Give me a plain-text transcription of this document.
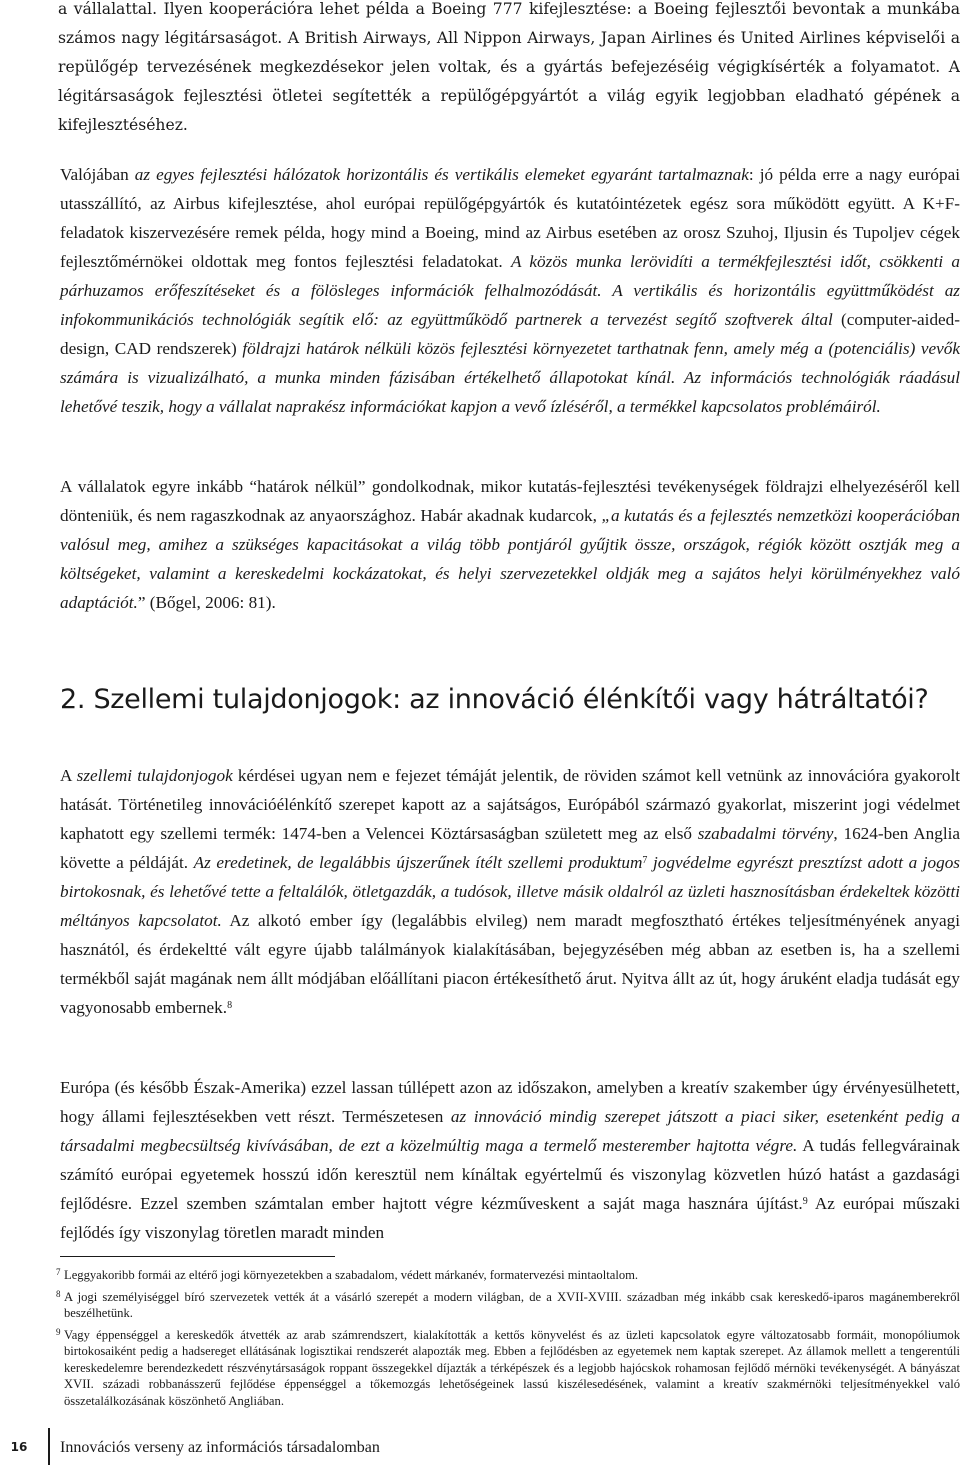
a vállalattal. Ilyen kooperációra lehet példa a Boeing 777 kifejlesztése: a Boeing fejlesztői bevontak a munkába számos nagy légitársaságot. A British Airways, All Nippon Airways, Japan Airlines és United Airlines képviselői a repülőgép tervezésének megkezdésekor jelen voltak, és a gyártás befejezéséig végigkísérték a folyamatot. A légitársaságok fejlesztési ötletei segítették a repülőgépgyártót a világ egyik legjobban eladható gépének a kifejlesztéséhez.

Valójában az egyes fejlesztési hálózatok horizontális és vertikális elemeket egyaránt tartalmaznak: jó példa erre a nagy európai utasszállító, az Airbus kifejlesztése, ahol európai repülőgépgyártók és kutatóintézetek egész sora működött együtt. A K+F-feladatok kiszervezésére remek példa, hogy mind a Boeing, mind az Airbus esetében az orosz Szuhoj, Iljusin és Tupoljev cégek fejlesztőmérnökei oldottak meg fontos fejlesztési feladatokat. A közös munka lerövidíti a termékfejlesztési időt, csökkenti a párhuzamos erőfeszítéseket és a fölösleges információk felhalmozódását. A vertikális és horizontális együttműködést az infokommunikációs technológiák segítik elő: az együttműködő partnerek a tervezést segítő szoftverek által (computer-aided-design, CAD rendszerek) földrajzi határok nélküli közös fejlesztési környezetet tarthatnak fenn, amely még a (potenciális) vevők számára is vizualizálható, a munka minden fázisában értékelhető állapotokat kínál. Az információs technológiák ráadásul lehetővé teszik, hogy a vállalat naprakész információkat kapjon a vevő ízléséről, a termékkel kapcsolatos problémáiról.

A vállalatok egyre inkább “határok nélkül” gondolkodnak, mikor kutatás-fejlesztési tevékenységek földrajzi elhelyezéséről kell dönteniük, és nem ragaszkodnak az anyaországhoz. Habár akadnak kudarcok, „a kutatás és a fejlesztés nemzetközi kooperációban valósul meg, amihez a szükséges kapacitásokat a világ több pontjáról gyűjtik össze, országok, régiók között osztják meg a költségeket, valamint a kereskedelmi kockázatokat, és helyi szervezetekkel oldják meg a sajátos helyi körülményekhez való adaptációt.” (Bőgel, 2006: 81).

2. Szellemi tulajdonjogok: az innováció élénkítői vagy hátráltatói?

A szellemi tulajdonjogok kérdései ugyan nem e fejezet témáját jelentik, de röviden számot kell vetnünk az innovációra gyakorolt hatását. Történetileg innovációélénkítő szerepet kapott az a sajátságos, Európából származó gyakorlat, miszerint jogi védelmet kaphatott egy szellemi termék: 1474-ben a Velencei Köztársaságban született meg az első szabadalmi törvény, 1624-ben Anglia követte a példáját. Az eredetinek, de legalábbis újszerűnek ítélt szellemi produktum$^7$ jogvédelme egyrészt presztízst adott a jogos birtokosnak, és lehetővé tette a feltalálók, ötletgazdák, a tudósok, illetve másik oldalról az üzleti hasznosításban érdekeltek közötti méltányos kapcsolatot. Az alkotó ember így (legalábbis elvileg) nem maradt megfosztható értékes teljesítményének anyagi hasznától, és érdekeltté vált egyre újabb találmányok kialakításában, bejegyzésében még abban az esetben is, ha a szellemi termékből saját magának nem állt módjában előállítani piacon értékesíthető árut. Nyitva állt az út, hogy áruként eladja tudását egy vagyonosabb embernek.$^8$

Európa (és később Észak-Amerika) ezzel lassan túllépett azon az időszakon, amelyben a kreatív szakember úgy érvényesülhetett, hogy állami fejlesztésekben vett részt. Természetesen az innováció mindig szerepet játszott a piaci siker, esetenként pedig a társadalmi megbecsültség kivívásában, de ezt a közelmúltig maga a termelő mesterember hajtotta végre. A tudás fellegvárainak számító európai egyetemek hosszú időn keresztül nem kínáltak egyértelmű és viszonylag közvetlen húzó hatást a gazdasági fejlődésre. Ezzel szemben számtalan ember hajtott végre kézműveskent a saját maga hasznára újítást.$^9$ Az európai műszaki fejlődés így viszonylag töretlen maradt minden

7 Leggyakoribb formái az eltérő jogi környezetekben a szabadalom, védett márkanév, formatervezési mintaoltalom.
8 A jogi személyiséggel bíró szervezetek vették át a vásárló szerepét a modern világban, de a XVII-XVIII. században még inkább csak kereskedő-iparos magánemberekről beszélhetünk.
9 Vagy éppenséggel a kereskedők átvették az arab számrendszert, kialakították a kettős könyvelést és az üzleti kapcsolatok egyre változatosabb formáit, monopóliumok birtokosaiként pedig a hadsereget ellátásának logisztikai rendszerét alapozták meg. Ebben a fejlődésben az egyetemek nem kaptak szerepet. Az államok mellett a tengerentúli kereskedelemre berendezkedett részvénytársaságok roppant összegekkel díjazták a térképészek és a legjobb hajócskok rohamosan fejlődő mérnöki tevékenységét. A bányászat XVII. századi robbanásszerű fejlődése éppenséggel a tőkemozgás lehetőségeinek lassú kiszélesedésének, valamint a kreatív szakmérnöki teljesítményekkel való összetalálkozásának köszönhető Angliában.
16	Innovációs verseny az információs társadalomban
